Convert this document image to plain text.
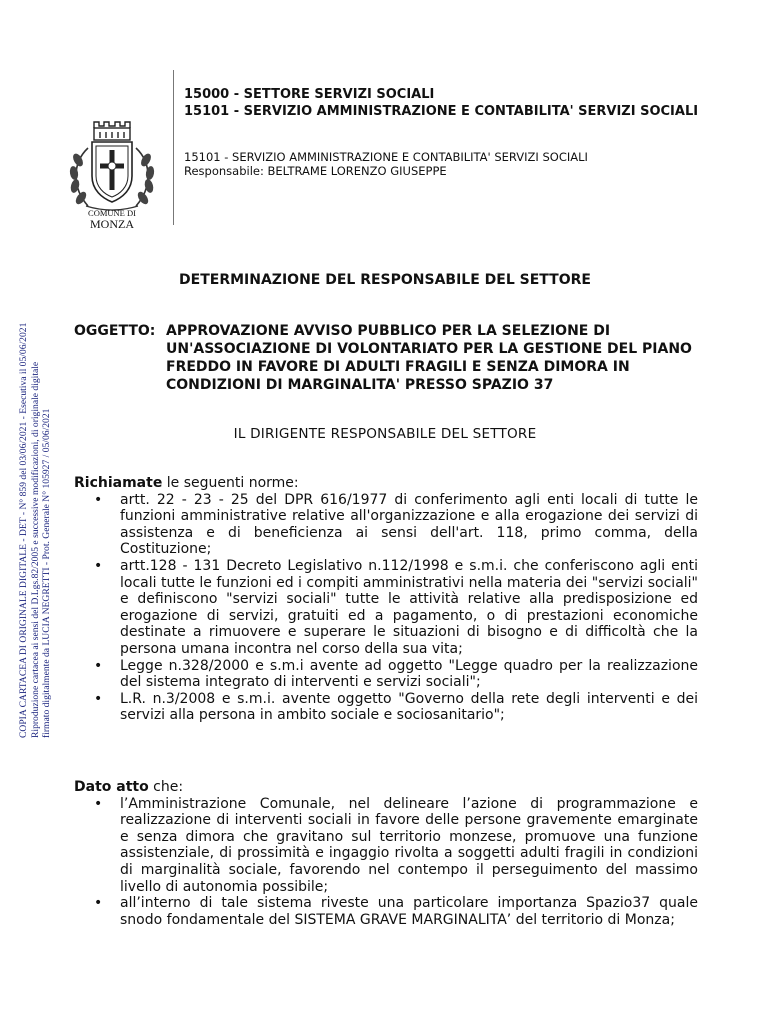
COMUNE DI
MONZA
15000 - SETTORE SERVIZI SOCIALI
15101 - SERVIZIO AMMINISTRAZIONE E CONTABILITA' SERVIZI SOCIALI
15101 - SERVIZIO AMMINISTRAZIONE E CONTABILITA' SERVIZI SOCIALI
Responsabile: BELTRAME LORENZO GIUSEPPE
COPIA CARTACEA DI ORIGINALE DIGITALE - DET - N° 859 del 03/06/2021 - Esecutiva il 05/06/2021 Riproduzione cartacea ai sensi del D.Lgs.82/2005 e successive modificazioni, di originale digitale firmato digitalmente da LUCIA NEGRETTI - Prot. Generale N° 105927 / 05/06/2021
DETERMINAZIONE DEL RESPONSABILE DEL SETTORE
OGGETTO: APPROVAZIONE AVVISO PUBBLICO PER LA SELEZIONE DI UN'ASSOCIAZIONE DI VOLONTARIATO PER LA GESTIONE DEL PIANO FREDDO IN FAVORE DI ADULTI FRAGILI E SENZA DIMORA IN CONDIZIONI DI MARGINALITA' PRESSO SPAZIO 37
IL DIRIGENTE RESPONSABILE DEL SETTORE
Richiamate le seguenti norme:
• artt. 22 - 23 - 25 del DPR 616/1977 di conferimento agli enti locali di tutte le funzioni amministrative relative all'organizzazione e alla erogazione dei servizi di assistenza e di beneficienza ai sensi dell'art. 118, primo comma, della Costituzione;
• artt.128 - 131 Decreto Legislativo n.112/1998 e s.m.i. che conferiscono agli enti locali tutte le funzioni ed i compiti amministrativi nella materia dei "servizi sociali" e definiscono "servizi sociali" tutte le attività relative alla predisposizione ed erogazione di servizi, gratuiti ed a pagamento, o di prestazioni economiche destinate a rimuovere e superare le situazioni di bisogno e di difficoltà che la persona umana incontra nel corso della sua vita;
• Legge n.328/2000 e s.m.i avente ad oggetto "Legge quadro per la realizzazione del sistema integrato di interventi e servizi sociali";
• L.R. n.3/2008 e s.m.i. avente oggetto "Governo della rete degli interventi e dei servizi alla persona in ambito sociale e sociosanitario";
Dato atto che:
• l’Amministrazione Comunale, nel delineare l’azione di programmazione e realizzazione di interventi sociali in favore delle persone gravemente emarginate e senza dimora che gravitano sul territorio monzese, promuove una funzione assistenziale, di prossimità e ingaggio rivolta a soggetti adulti fragili in condizioni di marginalità sociale, favorendo nel contempo il perseguimento del massimo livello di autonomia possibile;
• all’interno di tale sistema riveste una particolare importanza Spazio37 quale snodo fondamentale del SISTEMA GRAVE MARGINALITA’ del territorio di Monza;
